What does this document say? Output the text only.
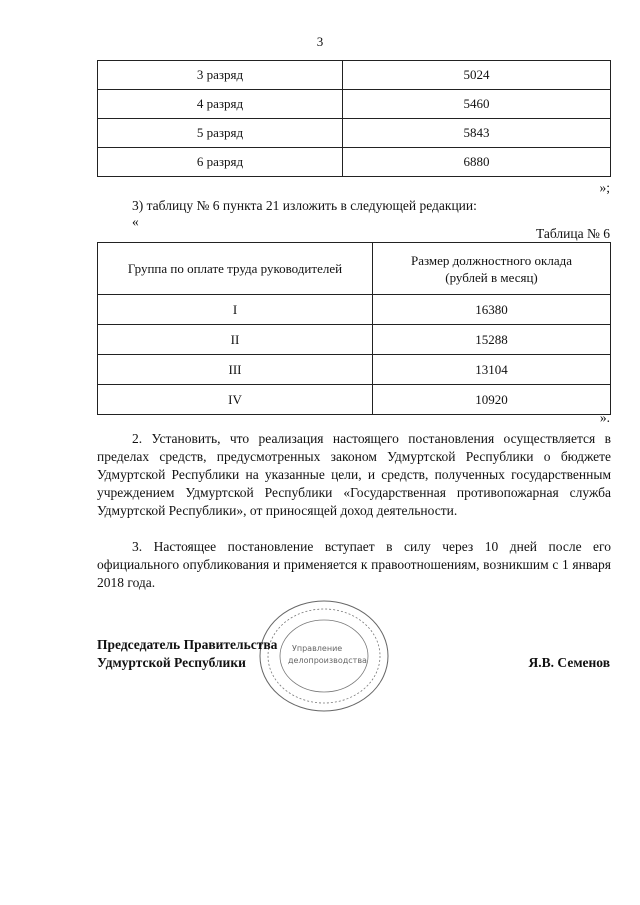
3
3 разряд	5024
4 разряд	5460
5 разряд	5843
6 разряд	6880
»;
3) таблицу № 6 пункта 21 изложить в следующей редакции:
«
Таблица № 6
Группа по оплате труда руководителей	Размер должностного оклада
(рублей в месяц)

I	16380
II	15288
III	13104
IV	10920
».
2. Установить, что реализация настоящего постановления осуществляется в пределах средств, предусмотренных законом Удмуртской Республики о бюджете Удмуртской Республики на указанные цели, и средств, полученных государственным учреждением Удмуртской Республики «Государственная противопожарная служба Удмуртской Республики», от приносящей доход деятельности.
3. Настоящее постановление вступает в силу через 10 дней после его официального опубликования и применяется к правоотношениям, возникшим с 1 января 2018 года.
Управление
делопроизводства
Председатель Правительства
Удмуртской Республики	Я.В. Семенов
